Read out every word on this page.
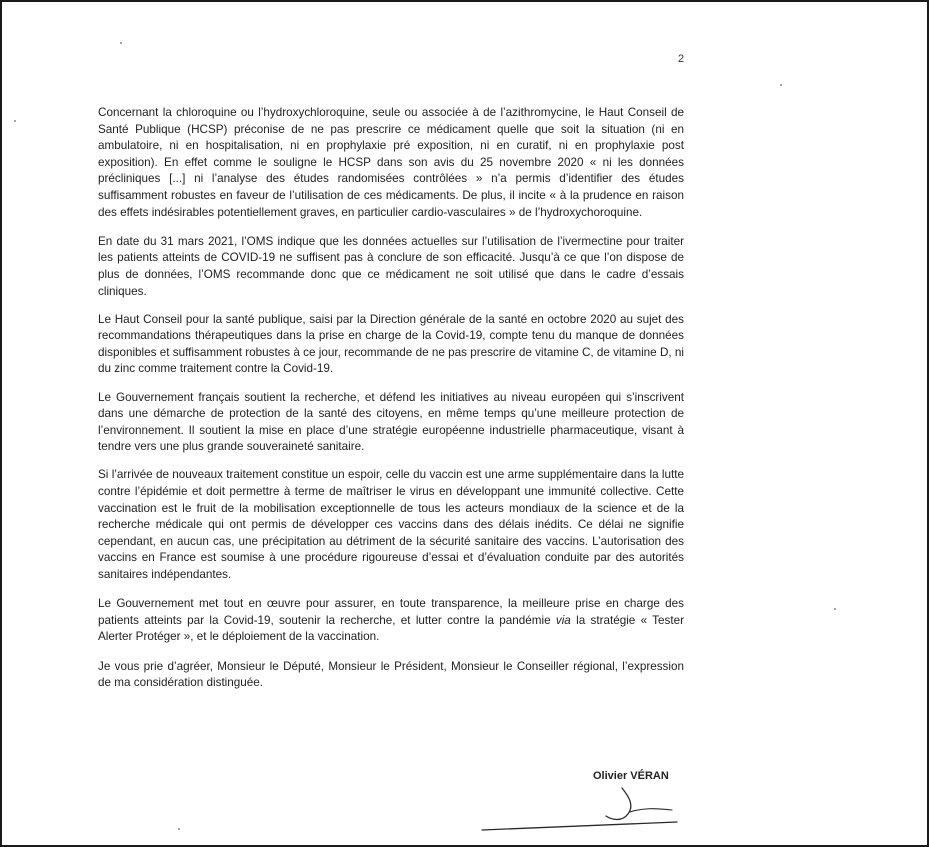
2

Concernant la chloroquine ou l’hydroxychloroquine, seule ou associée à de l’azithromycine, le Haut Conseil de Santé Publique (HCSP) préconise de ne pas prescrire ce médicament quelle que soit la situation (ni en ambulatoire, ni en hospitalisation, ni en prophylaxie pré exposition, ni en curatif, ni en prophylaxie post exposition). En effet comme le souligne le HCSP dans son avis du 25 novembre 2020 « ni les données précliniques [...] ni l’analyse des études randomisées contrôlées » n’a permis d’identifier des études suffisamment robustes en faveur de l’utilisation de ces médicaments. De plus, il incite « à la prudence en raison des effets indésirables potentiellement graves, en particulier cardio-vasculaires » de l’hydroxychoroquine.

En date du 31 mars 2021, l’OMS indique que les données actuelles sur l’utilisation de l’ivermectine pour traiter les patients atteints de COVID-19 ne suffisent pas à conclure de son efficacité. Jusqu’à ce que l’on dispose de plus de données, l’OMS recommande donc que ce médicament ne soit utilisé que dans le cadre d’essais cliniques.

Le Haut Conseil pour la santé publique, saisi par la Direction générale de la santé en octobre 2020 au sujet des recommandations thérapeutiques dans la prise en charge de la Covid-19, compte tenu du manque de données disponibles et suffisamment robustes à ce jour, recommande de ne pas prescrire de vitamine C, de vitamine D, ni du zinc comme traitement contre la Covid-19.

Le Gouvernement français soutient la recherche, et défend les initiatives au niveau européen qui s’inscrivent dans une démarche de protection de la santé des citoyens, en même temps qu’une meilleure protection de l’environnement. Il soutient la mise en place d’une stratégie européenne industrielle pharmaceutique, visant à tendre vers une plus grande souveraineté sanitaire.

Si l’arrivée de nouveaux traitement constitue un espoir, celle du vaccin est une arme supplémentaire dans la lutte contre l’épidémie et doit permettre à terme de maîtriser le virus en développant une immunité collective. Cette vaccination est le fruit de la mobilisation exceptionnelle de tous les acteurs mondiaux de la science et de la recherche médicale qui ont permis de développer ces vaccins dans des délais inédits. Ce délai ne signifie cependant, en aucun cas, une précipitation au détriment de la sécurité sanitaire des vaccins. L’autorisation des vaccins en France est soumise à une procédure rigoureuse d’essai et d’évaluation conduite par des autorités sanitaires indépendantes.

Le Gouvernement met tout en œuvre pour assurer, en toute transparence, la meilleure prise en charge des patients atteints par la Covid-19, soutenir la recherche, et lutter contre la pandémie via la stratégie « Tester Alerter Protéger », et le déploiement de la vaccination.

Je vous prie d’agréer, Monsieur le Député, Monsieur le Président, Monsieur le Conseiller régional, l’expression de ma considération distinguée.

Olivier VÉRAN
